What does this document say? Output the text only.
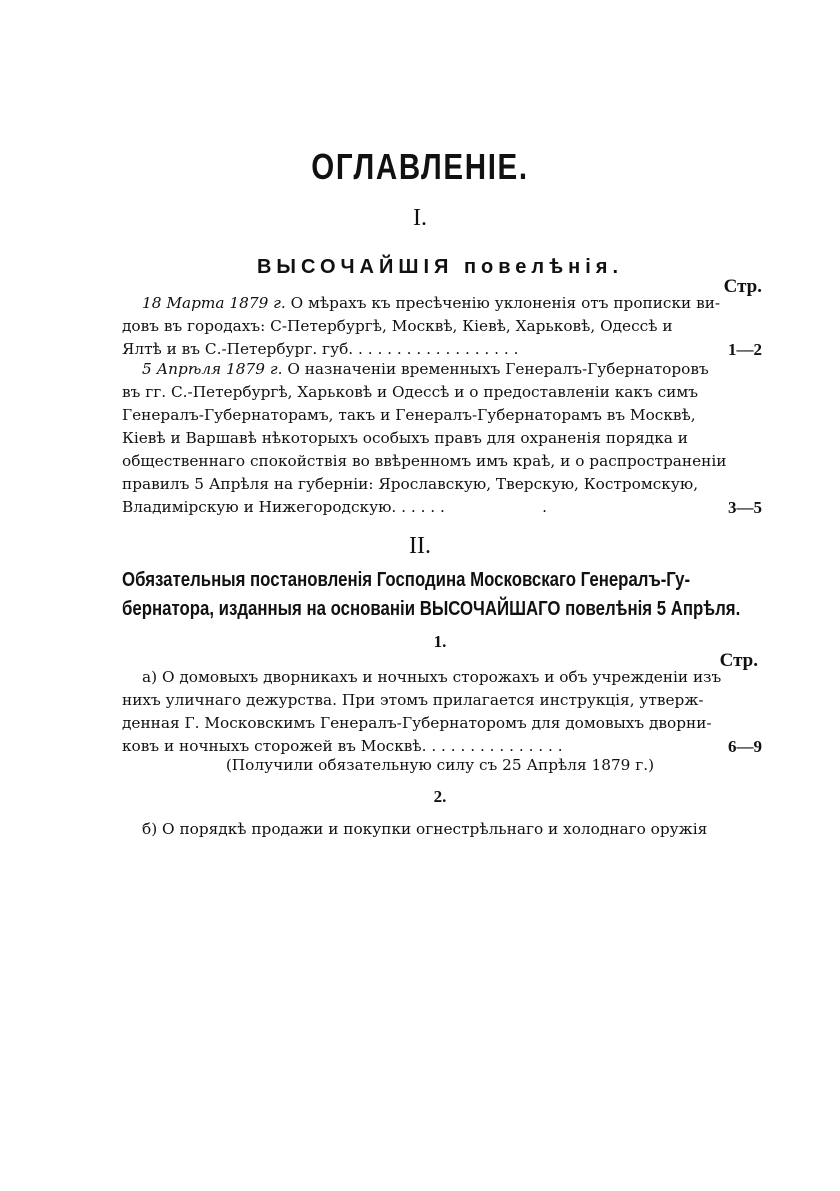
ОГЛАВЛЕНІЕ.
I.
ВЫСОЧАЙШІЯ повелѣнія.
Стр.
18 Марта 1879 г. О мѣрахъ къ пресѣченію уклоненія отъ прописки ви-
довъ въ городахъ: С-Петербургѣ, Москвѣ, Кіевѣ, Харьковѣ, Одессѣ и
Ялтѣ и въ С.-Петербург. губ. . . . . . . . . . . . . . . . . .	1—2
5 Апрѣля 1879 г. О назначеніи временныхъ Генералъ-Губернаторовъ
въ гг. С.-Петербургѣ, Харьковѣ и Одессѣ и о предоставленіи какъ симъ
Генералъ-Губернаторамъ, такъ и Генералъ-Губернаторамъ въ Москвѣ,
Кіевѣ и Варшавѣ нѣкоторыхъ особыхъ правъ для охраненія порядка и
общественнаго спокойствія во ввѣренномъ имъ краѣ, и о распространеніи
правилъ 5 Апрѣля на губерніи: Ярославскую, Тверскую, Костромскую,
Владимірскую и Нижегородскую. . . . . .                    .	3—5
II.
Обязательныя постановленія Господина Московскаго Генералъ-Гу-
бернатора, изданныя на основаніи ВЫСОЧАЙШАГО повелѣнія 5 Апрѣля.
1.
Стр.
а) О домовыхъ дворникахъ и ночныхъ сторожахъ и объ учрежденіи изъ
нихъ уличнаго дежурства. При этомъ прилагается инструкція, утверж-
денная Г. Московскимъ Генералъ-Губернаторомъ для домовыхъ дворни-
ковъ и ночныхъ сторожей въ Москвѣ. . . . . . . . . . . . . . .	6—9
(Получили обязательную силу съ 25 Апрѣля 1879 г.)
2.
б) О порядкѣ продажи и покупки огнестрѣльнаго и холоднаго оружія
